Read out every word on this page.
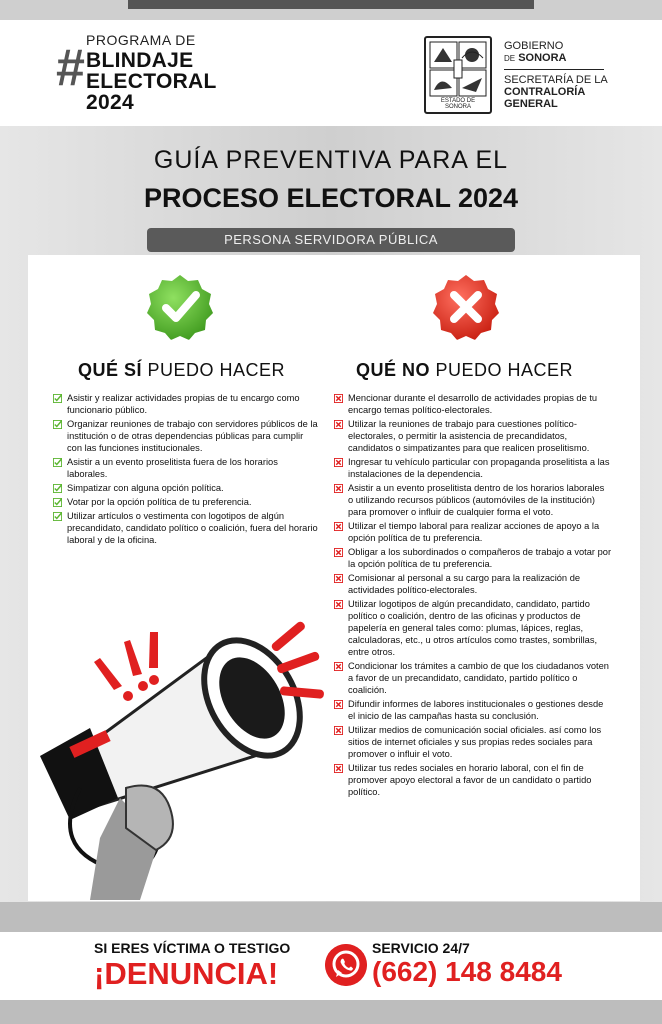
PROGRAMA DE
# BLINDAJE
ELECTORAL
2024	ESTADO DE SONORA
GOBIERNO
DE SONORA
SECRETARÍA DE LA
CONTRALORÍA
GENERAL
GUÍA PREVENTIVA PARA EL
PROCESO ELECTORAL 2024
PERSONA SERVIDORA PÚBLICA
QUÉ SÍ PUEDO HACER	QUÉ NO PUEDO HACER
Asistir y realizar actividades propias de tu encargo como funcionario público.
Organizar reuniones de trabajo con servidores públicos de la institución o de otras dependencias públicas para cumplir con las funciones institucionales.
Asistir a un evento proselitista fuera de los horarios laborales.
Simpatizar con alguna opción política.
Votar por la opción política de tu preferencia.
Utilizar artículos o vestimenta con logotipos de algún precandidato, candidato político o coalición, fuera del horario laboral y de la oficina.
Mencionar durante el desarrollo de actividades propias de tu encargo temas político-electorales.
Utilizar la reuniones de trabajo para cuestiones político-electorales, o permitir la asistencia de precandidatos, candidatos o simpatizantes para que realicen proselitismo.
Ingresar tu vehículo particular con propaganda proselitista a las instalaciones de la dependencia.
Asistir a un evento proselitista dentro de los horarios laborales o utilizando recursos públicos (automóviles de la institución) para promover o influir de cualquier forma el voto.
Utilizar el tiempo laboral para realizar acciones de apoyo a la opción política de tu preferencia.
Obligar a los subordinados o compañeros de trabajo a votar por la opción política de tu preferencia.
Comisionar al personal a su cargo para la realización de actividades político-electorales.
Utilizar logotipos de algún precandidato, candidato, partido político o coalición, dentro de las oficinas y productos de papelería en general tales como: plumas, lápices, reglas, calculadoras, etc., u otros artículos como trastes, sombrillas, entre otros.
Condicionar los trámites a cambio de que los ciudadanos voten a favor de un precandidato, candidato, partido político o coalición.
Difundir informes de labores institucionales o gestiones desde el inicio de las campañas hasta su conclusión.
Utilizar medios de comunicación social oficiales. así como los sitios de internet oficiales y sus propias redes sociales para promover o influir el voto.
Utilizar tus redes sociales en horario laboral, con el fin de promover apoyo electoral a favor de un candidato o partido político.
SI ERES VÍCTIMA O TESTIGO
¡DENUNCIA!
SERVICIO 24/7
(662) 148 8484
